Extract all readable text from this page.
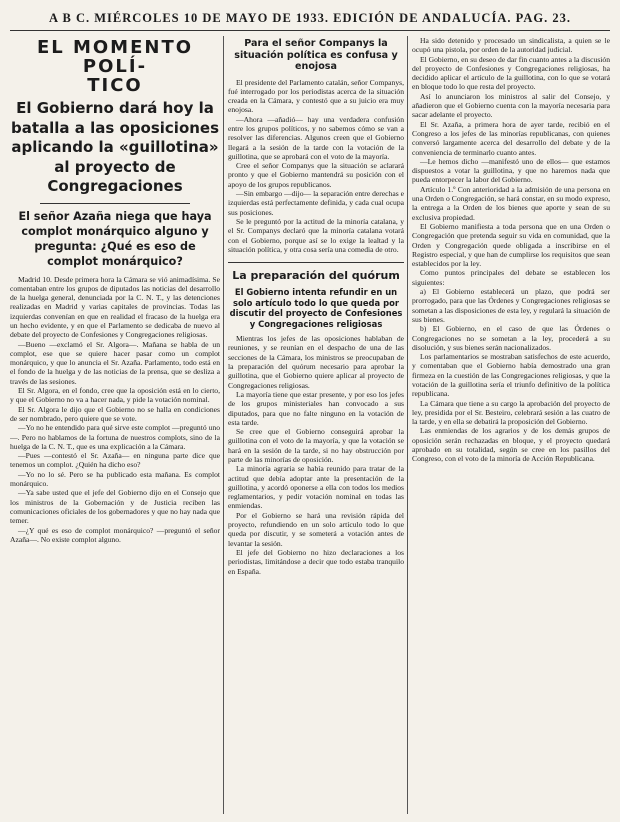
A B C. MIÉRCOLES 10 DE MAYO DE 1933. EDICIÓN DE ANDALUCÍA. PAG. 23.
EL MOMENTO POLÍ-
TICO
El Gobierno dará hoy la batalla a las oposiciones aplicando la «guillotina» al proyecto de Congregaciones
El señor Azaña niega que haya complot monárquico alguno y pregunta: ¿Qué es eso de complot monárquico?

Madrid 10. Desde primera hora la Cámara se vió animadísima. Se comentaban entre los grupos de diputados las noticias del desarrollo de la huelga general, denunciada por la C. N. T., y las detenciones realizadas en Madrid y varias capitales de provincias. Todas las izquierdas convenían en que en realidad el fracaso de la huelga era un hecho evidente, y en que el Parlamento se dedicaba de nuevo al debate del proyecto de Confesiones y Congregaciones religiosas.

—Bueno —exclamó el Sr. Algora—. Mañana se habla de un complot, ese que se quiere hacer pasar como un complot monárquico, y que lo anuncia el Sr. Azaña. Parlamento, todo está en el fondo de la huelga y de las noticias de la prensa, que se desliza a través de las sesiones.

El Sr. Algora, en el fondo, cree que la oposición está en lo cierto, y que el Gobierno no va a hacer nada, y pide la votación nominal.

El Sr. Algora le dijo que el Gobierno no se halla en condiciones de ser nombrado, pero quiere que se vote.

—Yo no he entendido para qué sirve este complot —preguntó uno—. Pero no hablamos de la fortuna de nuestros complots, sino de la huelga de la C. N. T., que es una explicación a la Cámara.

—Pues —contestó el Sr. Azaña— en ninguna parte dice que tenemos un complot. ¿Quién ha dicho eso?

—Yo no lo sé. Pero se ha publicado esta mañana. Es complot monárquico.

—Ya sabe usted que el jefe del Gobierno dijo en el Consejo que los ministros de la Gobernación y de Justicia reciben las comunicaciones oficiales de los gobernadores y que no hay nada que temer.

—¿Y qué es eso de complot monárquico? —preguntó el señor Azaña—. No existe complot alguno.

Para el señor Companys la situación política es confusa y enojosa

El presidente del Parlamento catalán, señor Companys, fué interrogado por los periodistas acerca de la situación creada en la Cámara, y contestó que a su juicio era muy enojosa.

—Ahora —añadió— hay una verdadera confusión entre los grupos políticos, y no sabemos cómo se van a resolver las diferencias. Algunos creen que el Gobierno llegará a la sesión de la tarde con la votación de la guillotina, que se aprobará con el voto de la mayoría.

Cree el señor Companys que la situación se aclarará pronto y que el Gobierno mantendrá su posición con el apoyo de los grupos republicanos.

—Sin embargo —dijo— la separación entre derechas e izquierdas está perfectamente definida, y cada cual ocupa sus posiciones.

Se le preguntó por la actitud de la minoría catalana, y el Sr. Companys declaró que la minoría catalana votará con el Gobierno, porque así se lo exige la lealtad y la situación política, y otra cosa sería una comedia de otro.

La preparación del quórum
El Gobierno intenta refundir en un solo artículo todo lo que queda por discutir del proyecto de Confesiones y Congregaciones religiosas

Mientras los jefes de las oposiciones hablaban de reuniones, y se reunían en el despacho de una de las secciones de la Cámara, los ministros se preocupaban de la preparación del quórum necesario para aprobar la guillotina, que el Gobierno quiere aplicar al proyecto de Congregaciones religiosas.

La mayoría tiene que estar presente, y por eso los jefes de los grupos ministeriales han convocado a sus diputados, para que no falte ninguno en la votación de esta tarde.

Se cree que el Gobierno conseguirá aprobar la guillotina con el voto de la mayoría, y que la votación se hará en la sesión de la tarde, si no hay obstrucción por parte de las minorías de oposición.

La minoría agraria se había reunido para tratar de la actitud que debía adoptar ante la presentación de la guillotina, y acordó oponerse a ella con todos los medios reglamentarios, y pedir votación nominal en todas las enmiendas.

Por el Gobierno se hará una revisión rápida del proyecto, refundiendo en un solo artículo todo lo que queda por discutir, y se someterá a votación antes de levantar la sesión.

El jefe del Gobierno no hizo declaraciones a los periodistas, limitándose a decir que todo estaba tranquilo en España.

Ha sido detenido y procesado un sindicalista, a quien se le ocupó una pistola, por orden de la autoridad judicial.

El Gobierno, en su deseo de dar fin cuanto antes a la discusión del proyecto de Confesiones y Congregaciones religiosas, ha decidido aplicar el artículo de la guillotina, con lo que se votará en bloque todo lo que resta del proyecto.

Así lo anunciaron los ministros al salir del Consejo, y añadieron que el Gobierno cuenta con la mayoría necesaria para sacar adelante el proyecto.

El Sr. Azaña, a primera hora de ayer tarde, recibió en el Congreso a los jefes de las minorías republicanas, con quienes conversó largamente acerca del desarrollo del debate y de la conveniencia de terminarlo cuanto antes.

—Le hemos dicho —manifestó uno de ellos— que estamos dispuestos a votar la guillotina, y que no haremos nada que pueda entorpecer la labor del Gobierno.

Artículo 1.º Con anterioridad a la admisión de una persona en una Orden o Congregación, se hará constar, en su modo expreso, la entrega a la Orden de los bienes que aporte y sean de su exclusiva propiedad.

El Gobierno manifiesta a toda persona que en una Orden o Congregación que pretenda seguir su vida en comunidad, que la Orden y Congregación quede obligada a inscribirse en el Registro especial, y que han de cumplirse los requisitos que sean establecidos por la ley.

Como puntos principales del debate se establecen los siguientes:

a) El Gobierno establecerá un plazo, que podrá ser prorrogado, para que las Órdenes y Congregaciones religiosas se sometan a las disposiciones de esta ley, y regulará la situación de sus bienes.

b) El Gobierno, en el caso de que las Órdenes o Congregaciones no se sometan a la ley, procederá a su disolución, y sus bienes serán nacionalizados.

Los parlamentarios se mostraban satisfechos de este acuerdo, y comentaban que el Gobierno había demostrado una gran firmeza en la cuestión de las Congregaciones religiosas, y que la votación de la guillotina sería el triunfo definitivo de la política republicana.

La Cámara que tiene a su cargo la aprobación del proyecto de ley, presidida por el Sr. Besteiro, celebrará sesión a las cuatro de la tarde, y en ella se debatirá la proposición del Gobierno.

Las enmiendas de los agrarios y de los demás grupos de oposición serán rechazadas en bloque, y el proyecto quedará aprobado en su totalidad, según se cree en los pasillos del Congreso, con el voto de la minoría de Acción Republicana.
